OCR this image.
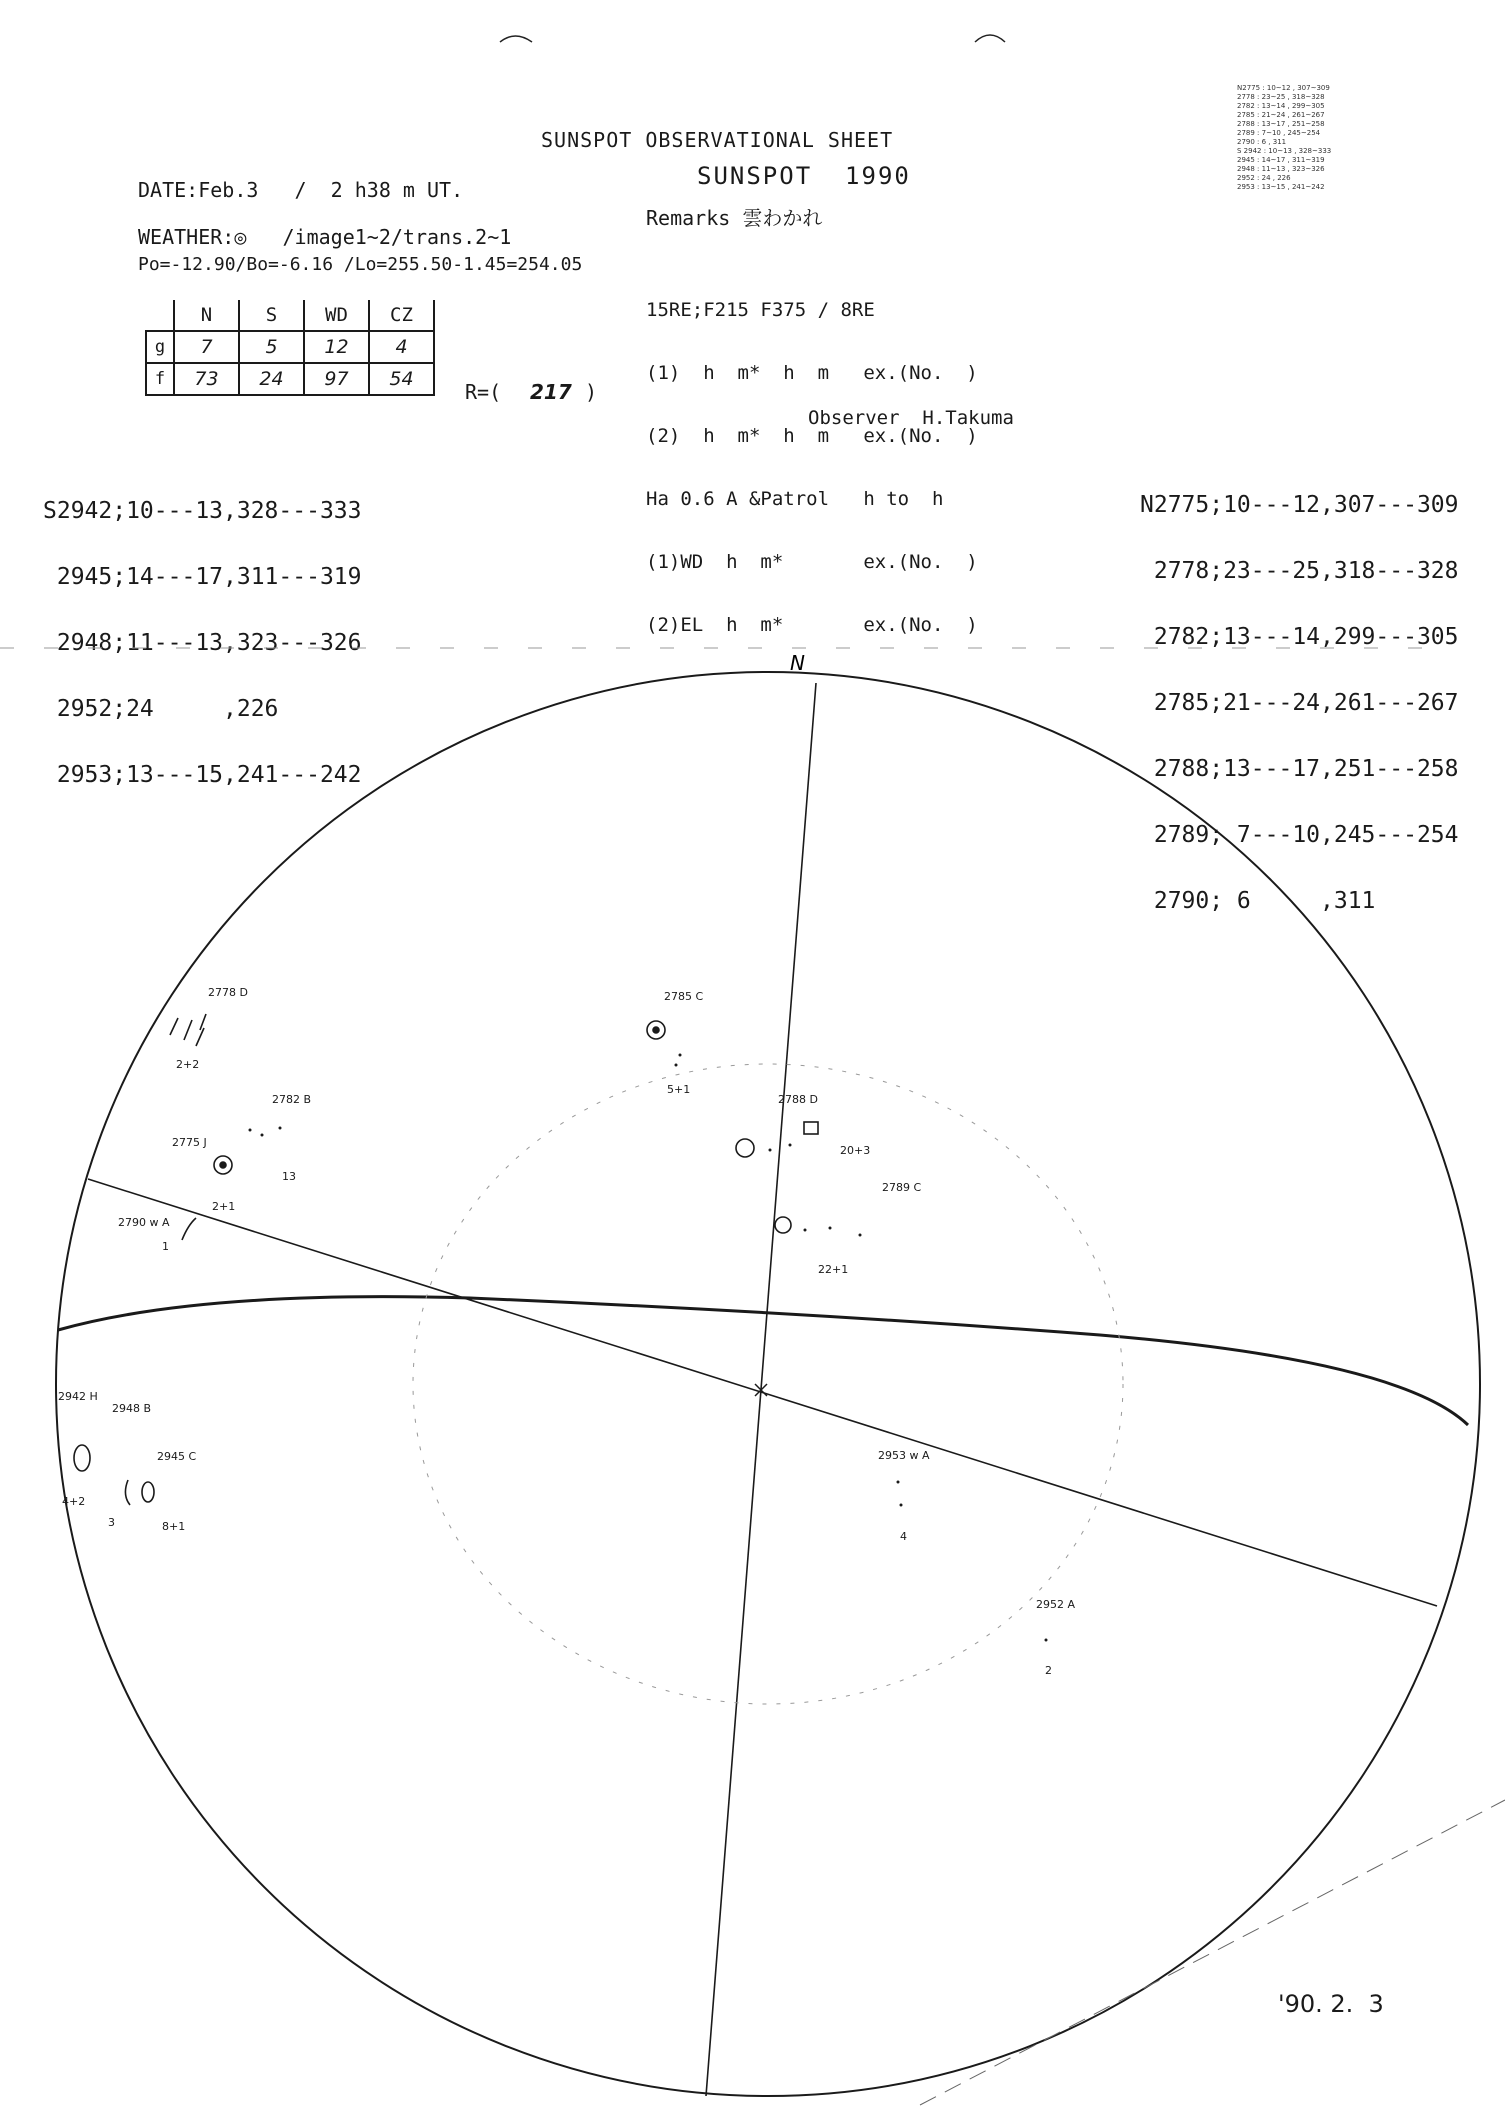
SUNSPOT OBSERVATIONAL SHEET
SUNSPOT  1990
DATE:Feb.3   /  2 h38 m UT.
Remarks 雲わかれ
WEATHER:◎   /image1~2/trans.2~1
Po=-12.90/Bo=-6.16 /Lo=255.50-1.45=254.05
N2775 : 10~12 , 307~309
2778 : 23~25 , 318~328
2782 : 13~14 , 299~305
2785 : 21~24 , 261~267
2788 : 13~17 , 251~258
2789 : 7~10 , 245~254
2790 : 6 , 311
S 2942 : 10~13 , 328~333
2945 : 14~17 , 311~319
2948 : 11~13 , 323~326
2952 : 24 , 226
2953 : 13~15 , 241~242
	N	S	WD	CZ
g	7	5	12	4
f	73	24	97	54
R=( 217 )

15RE;F215 F375 / 8RE

(1)  h  m*  h  m   ex.(No.  )

(2)  h  m*  h  m   ex.(No.  )

Ha 0.6 A &Patrol   h to  h

(1)WD  h  m*       ex.(No.  )

(2)EL  h  m*       ex.(No.  )

Observer  H.Takuma

S2942;10---13,328---333

2945;14---17,311---319

2948;11---13,323---326

2952;24     ,226

2953;13---15,241---242

N2775;10---12,307---309

2778;23---25,318---328

2782;13---14,299---305

2785;21---24,261---267

2788;13---17,251---258

2789; 7---10,245---254

2790; 6     ,311

N
2778 D
2+2
2782 B
13
2775 J
2+1
2790 w A
1
2785 C
5+1
2788 D
20+3
2789 C
22+1
2942 H
2948 B
2945 C
4+2
3	8+1
2953 w A
4
2952 A
2
'90. 2.  3
